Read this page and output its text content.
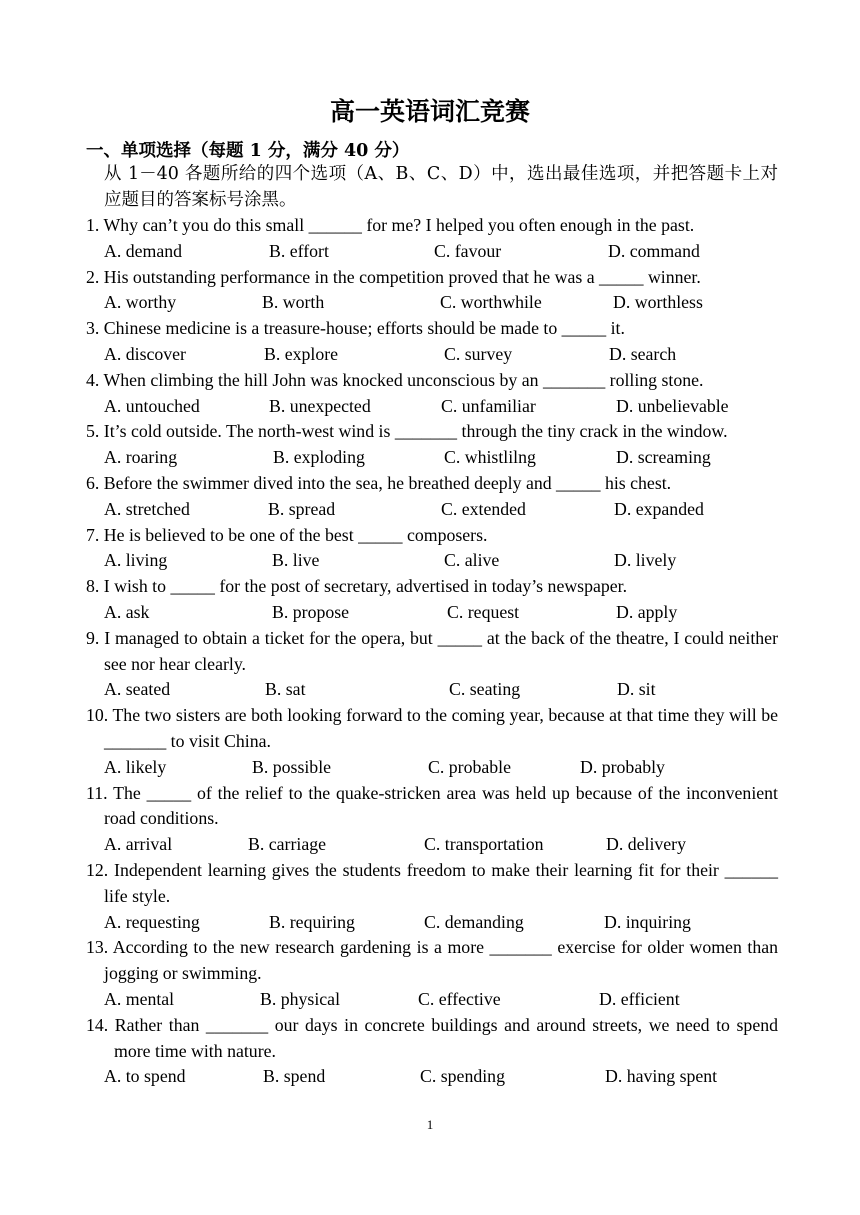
高一英语词汇竞赛
一、单项选择（每题 1 分，满分 40 分）
从 1－40 各题所给的四个选项（A、B、C、D）中，选出最佳选项，并把答题卡上对应题目的答案标号涂黑。
1. Why can’t you do this small ______ for me? I helped you often enough in the past.
A. demand	B. effort	C. favour	D. command
2. His outstanding performance in the competition proved that he was a _____ winner.
A. worthy	B. worth	C. worthwhile	D. worthless
3. Chinese medicine is a treasure-house; efforts should be made to _____ it.
A. discover	B. explore	C. survey	D. search
4. When climbing the hill John was knocked unconscious by an _______ rolling stone.
A. untouched	B. unexpected	C. unfamiliar	D. unbelievable
5. It’s cold outside. The north-west wind is _______ through the tiny crack in the window.
A. roaring	B. exploding	C. whistlilng	D. screaming
6. Before the swimmer dived into the sea, he breathed deeply and _____ his chest.
A. stretched	B. spread	C. extended	D. expanded
7. He is believed to be one of the best _____ composers.
A. living	B. live	C. alive	D. lively
8. I wish to _____ for the post of secretary, advertised in today’s newspaper.
A. ask	B. propose	C. request	D. apply
9. I managed to obtain a ticket for the opera, but _____ at the back of the theatre, I could neither see nor hear clearly.
A. seated	B. sat	C. seating	D. sit
10. The two sisters are both looking forward to the coming year, because at that time they will be _______ to visit China.
A. likely	B. possible	C. probable	D. probably
11. The _____ of the relief to the quake-stricken area was held up because of the inconvenient road conditions.
A. arrival	B. carriage	C. transportation	D. delivery
12. Independent learning gives the students freedom to make their learning fit for their ______ life style.
A. requesting	B. requiring	C. demanding	D. inquiring
13. According to the new research gardening is a more _______ exercise for older women than jogging or swimming.
A. mental	B. physical	C. effective	D. efficient
14. Rather than _______ our days in concrete buildings and around streets, we need to spend more time with nature.
A. to spend	B. spend	C. spending	D. having spent
1
